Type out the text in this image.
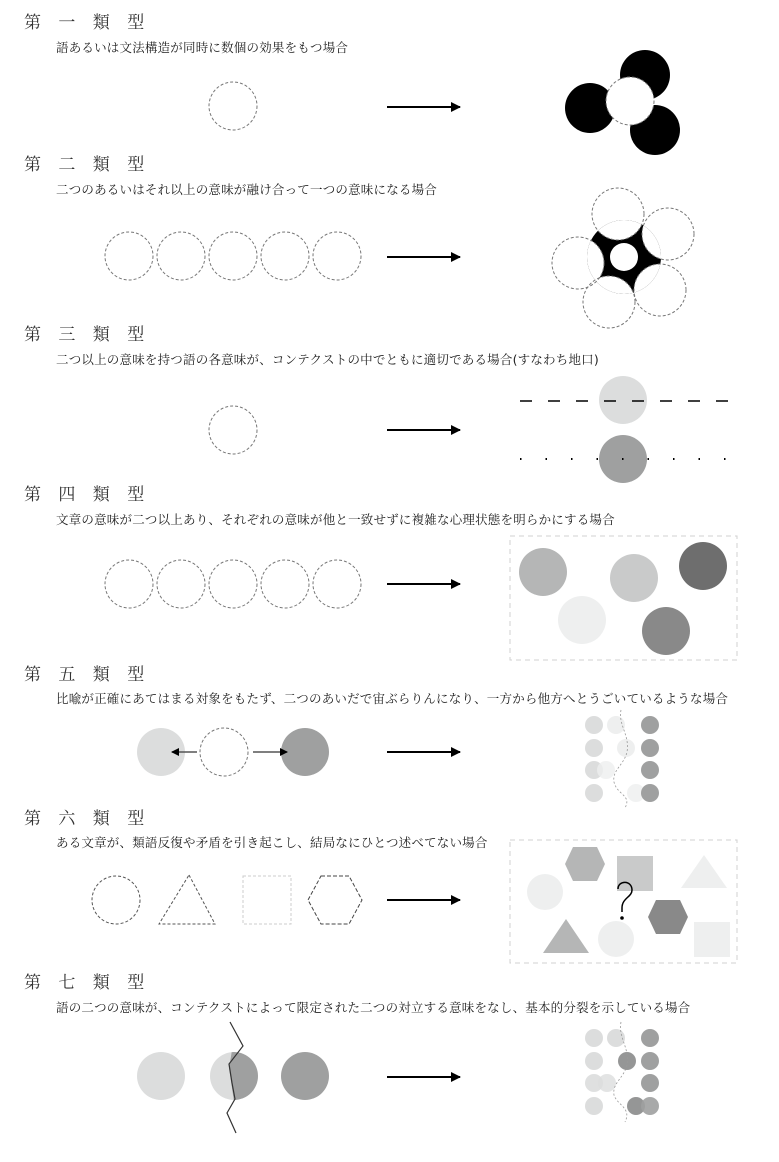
第 一 類 型
語あるいは文法構造が同時に数個の効果をもつ場合
第 二 類 型
二つのあるいはそれ以上の意味が融け合って一つの意味になる場合
第 三 類 型
二つ以上の意味を持つ語の各意味が、コンテクストの中でともに適切である場合(すなわち地口)
第 四 類 型
文章の意味が二つ以上あり、それぞれの意味が他と一致せずに複雑な心理状態を明らかにする場合
第 五 類 型
比喩が正確にあてはまる対象をもたず、二つのあいだで宙ぶらりんになり、一方から他方へとうごいているような場合
第 六 類 型
ある文章が、類語反復や矛盾を引き起こし、結局なにひとつ述べてない場合
第 七 類 型
語の二つの意味が、コンテクストによって限定された二つの対立する意味をなし、基本的分裂を示している場合
